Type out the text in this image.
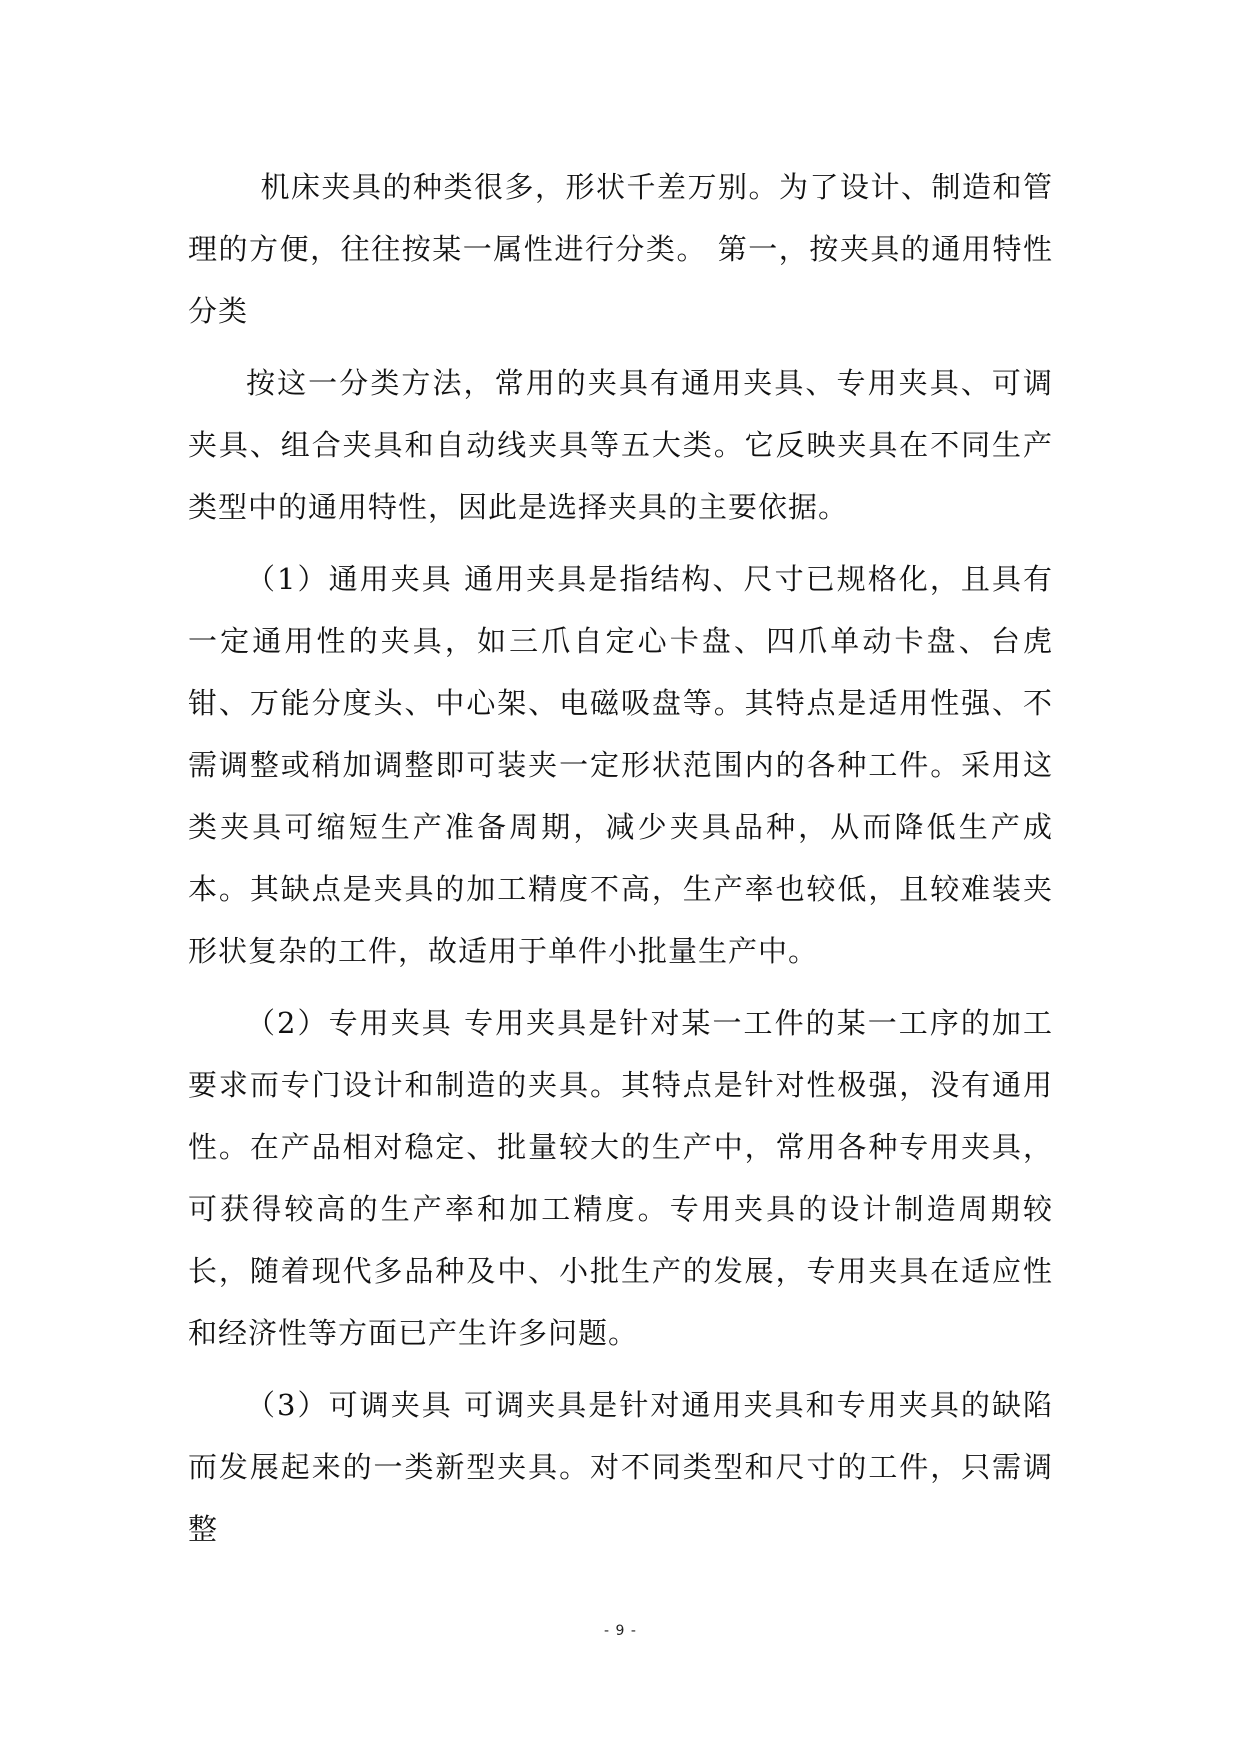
机床夹具的种类很多，形状千差万别。为了设计、制造和管理的方便，往往按某一属性进行分类。 第一，按夹具的通用特性分类

按这一分类方法，常用的夹具有通用夹具、专用夹具、可调夹具、组合夹具和自动线夹具等五大类。它反映夹具在不同生产类型中的通用特性，因此是选择夹具的主要依据。

（1）通用夹具 通用夹具是指结构、尺寸已规格化，且具有一定通用性的夹具，如三爪自定心卡盘、四爪单动卡盘、台虎钳、万能分度头、中心架、电磁吸盘等。其特点是适用性强、不需调整或稍加调整即可装夹一定形状范围内的各种工件。采用这类夹具可缩短生产准备周期，减少夹具品种，从而降低生产成本。其缺点是夹具的加工精度不高，生产率也较低，且较难装夹形状复杂的工件，故适用于单件小批量生产中。

（2）专用夹具 专用夹具是针对某一工件的某一工序的加工要求而专门设计和制造的夹具。其特点是针对性极强，没有通用性。在产品相对稳定、批量较大的生产中，常用各种专用夹具，可获得较高的生产率和加工精度。专用夹具的设计制造周期较长，随着现代多品种及中、小批生产的发展，专用夹具在适应性和经济性等方面已产生许多问题。

（3）可调夹具 可调夹具是针对通用夹具和专用夹具的缺陷而发展起来的一类新型夹具。对不同类型和尺寸的工件，只需调整

- 9 -
